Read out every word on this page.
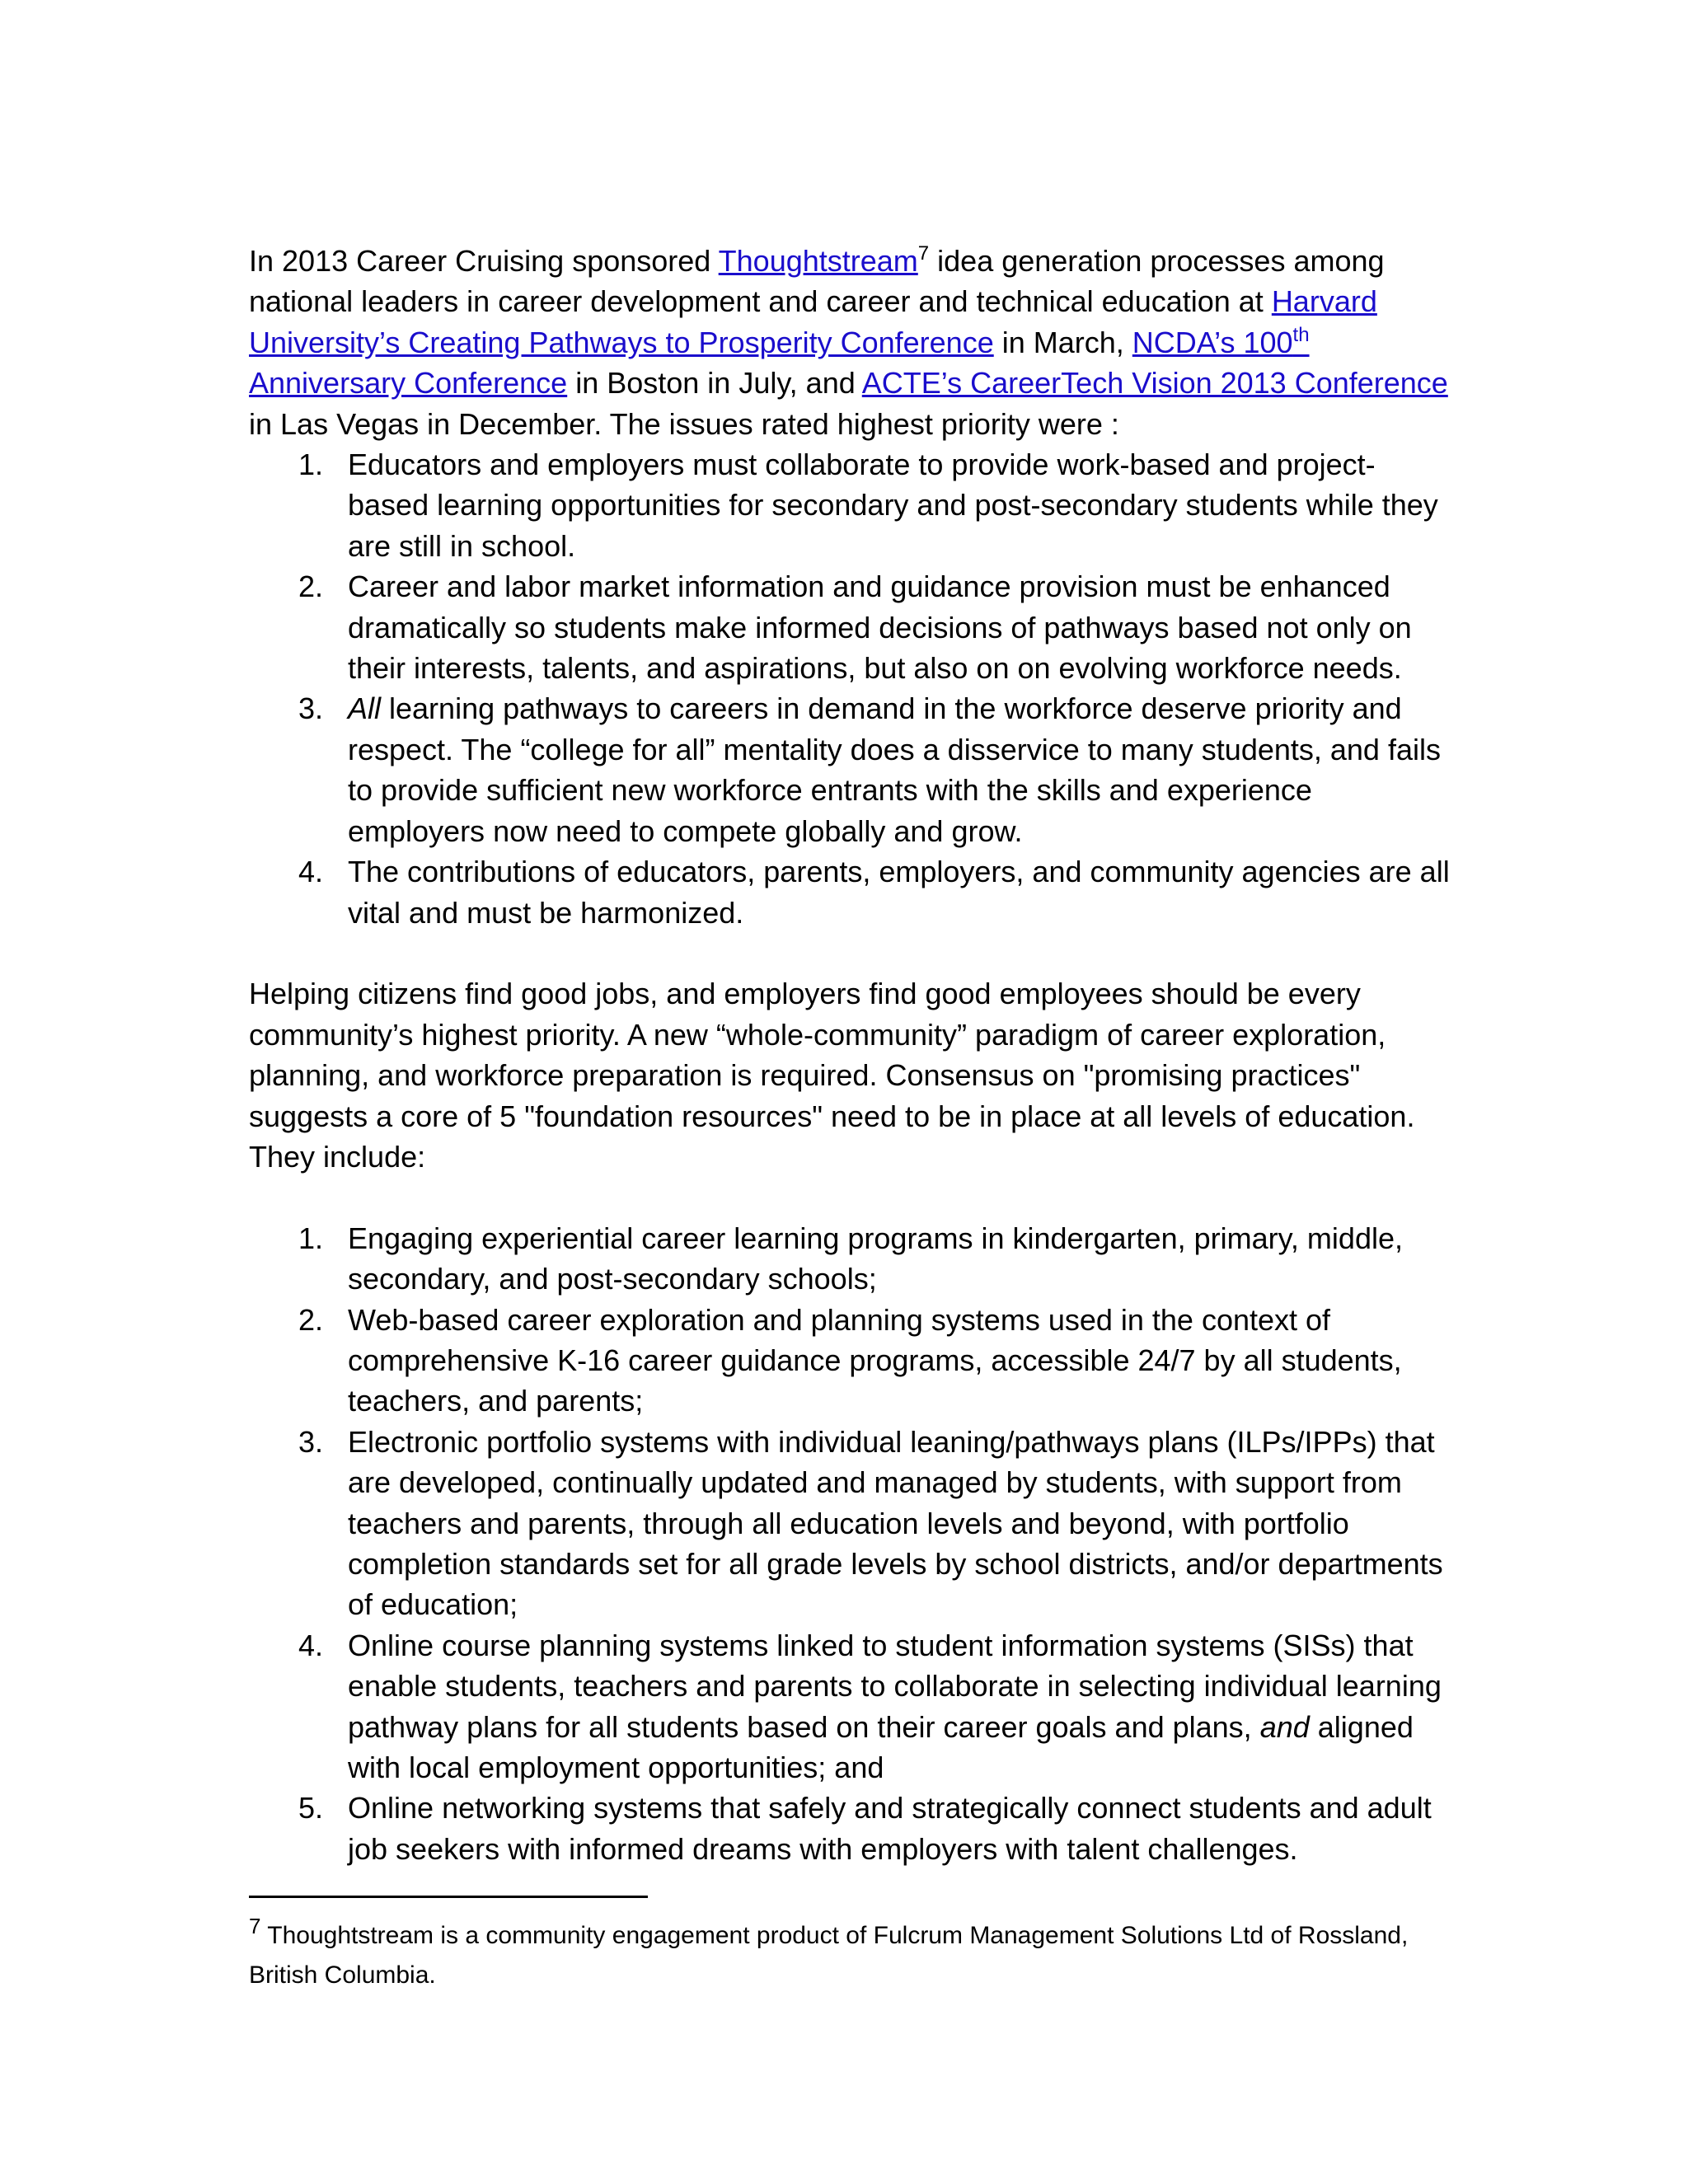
In 2013 Career Cruising sponsored Thoughtstream$^7$ idea generation processes among national leaders in career development and career and technical education at Harvard University’s Creating Pathways to Prosperity Conference in March, NCDA’s 100th Anniversary Conference in Boston in July, and ACTE’s CareerTech Vision 2013 Conference in Las Vegas in December. The issues rated highest priority were :

1. Educators and employers must collaborate to provide work-based and project-based learning opportunities for secondary and post-secondary students while they are still in school.
2. Career and labor market information and guidance provision must be enhanced dramatically so students make informed decisions of pathways based not only on their interests, talents, and aspirations, but also on on evolving workforce needs.
3. All learning pathways to careers in demand in the workforce deserve priority and respect. The “college for all” mentality does a disservice to many students, and fails to provide sufficient new workforce entrants with the skills and experience employers now need to compete globally and grow.
4. The contributions of educators, parents, employers, and community agencies are all vital and must be harmonized.

Helping citizens find good jobs, and employers find good employees should be every community’s highest priority. A new “whole-community” paradigm of career exploration, planning, and workforce preparation is required. Consensus on "promising practices" suggests a core of 5 "foundation resources" need to be in place at all levels of education. They include:

1. Engaging experiential career learning programs in kindergarten, primary, middle, secondary, and post-secondary schools;
2. Web-based career exploration and planning systems used in the context of comprehensive K-16 career guidance programs, accessible 24/7 by all students, teachers, and parents;
3. Electronic portfolio systems with individual leaning/pathways plans (ILPs/IPPs) that are developed, continually updated and managed by students, with support from teachers and parents, through all education levels and beyond, with portfolio completion standards set for all grade levels by school districts, and/or departments of education;
4. Online course planning systems linked to student information systems (SISs) that enable students, teachers and parents to collaborate in selecting individual learning pathway plans for all students based on their career goals and plans, and aligned with local employment opportunities; and
5. Online networking systems that safely and strategically connect students and adult job seekers with informed dreams with employers with talent challenges.

$^7$ Thoughtstream is a community engagement product of Fulcrum Management Solutions Ltd of Rossland, British Columbia.
